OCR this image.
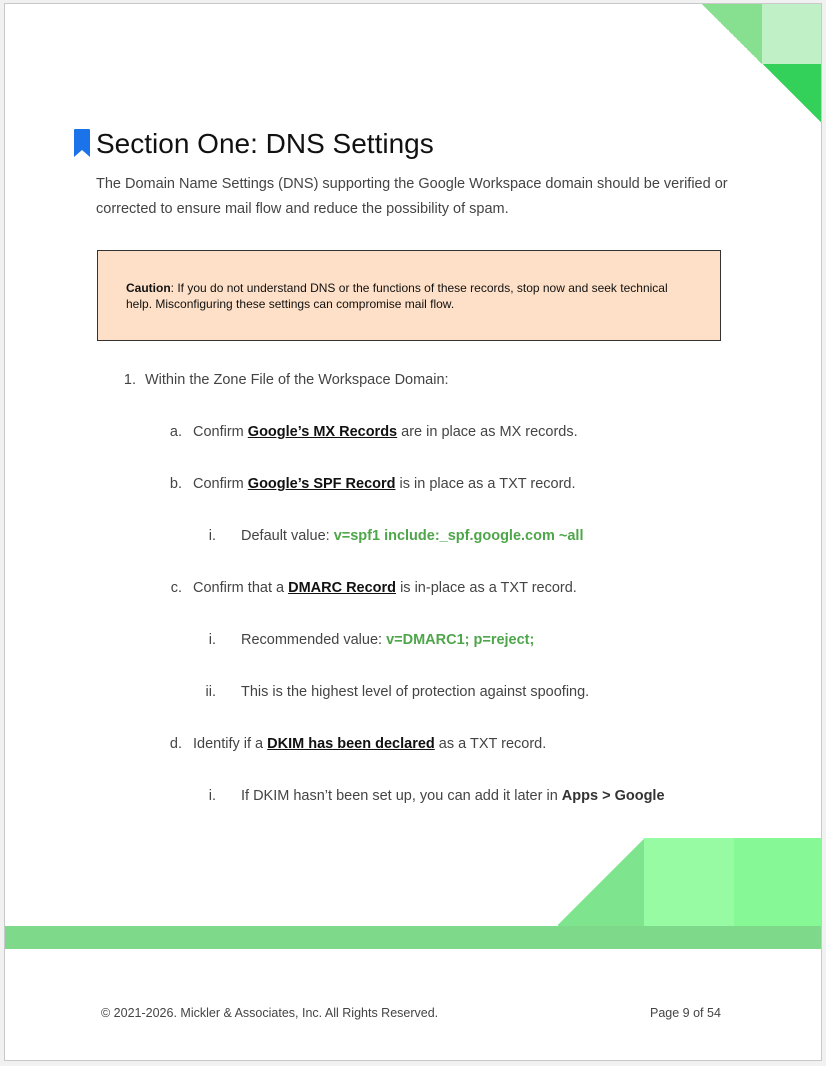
Section One: DNS Settings
The Domain Name Settings (DNS) supporting the Google Workspace domain should be verified or corrected to ensure mail flow and reduce the possibility of spam.
Caution: If you do not understand DNS or the functions of these records, stop now and seek technical help. Misconfiguring these settings can compromise mail flow.
1. Within the Zone File of the Workspace Domain:
a. Confirm Google’s MX Records are in place as MX records.
b. Confirm Google’s SPF Record is in place as a TXT record.
i. Default value: v=spf1 include:_spf.google.com ~all
c. Confirm that a DMARC Record is in-place as a TXT record.
i. Recommended value: v=DMARC1; p=reject;
ii. This is the highest level of protection against spoofing.
d. Identify if a DKIM has been declared as a TXT record.
i. If DKIM hasn’t been set up, you can add it later in Apps > Google
© 2021-2026. Mickler & Associates, Inc. All Rights Reserved.	Page 9 of 54
